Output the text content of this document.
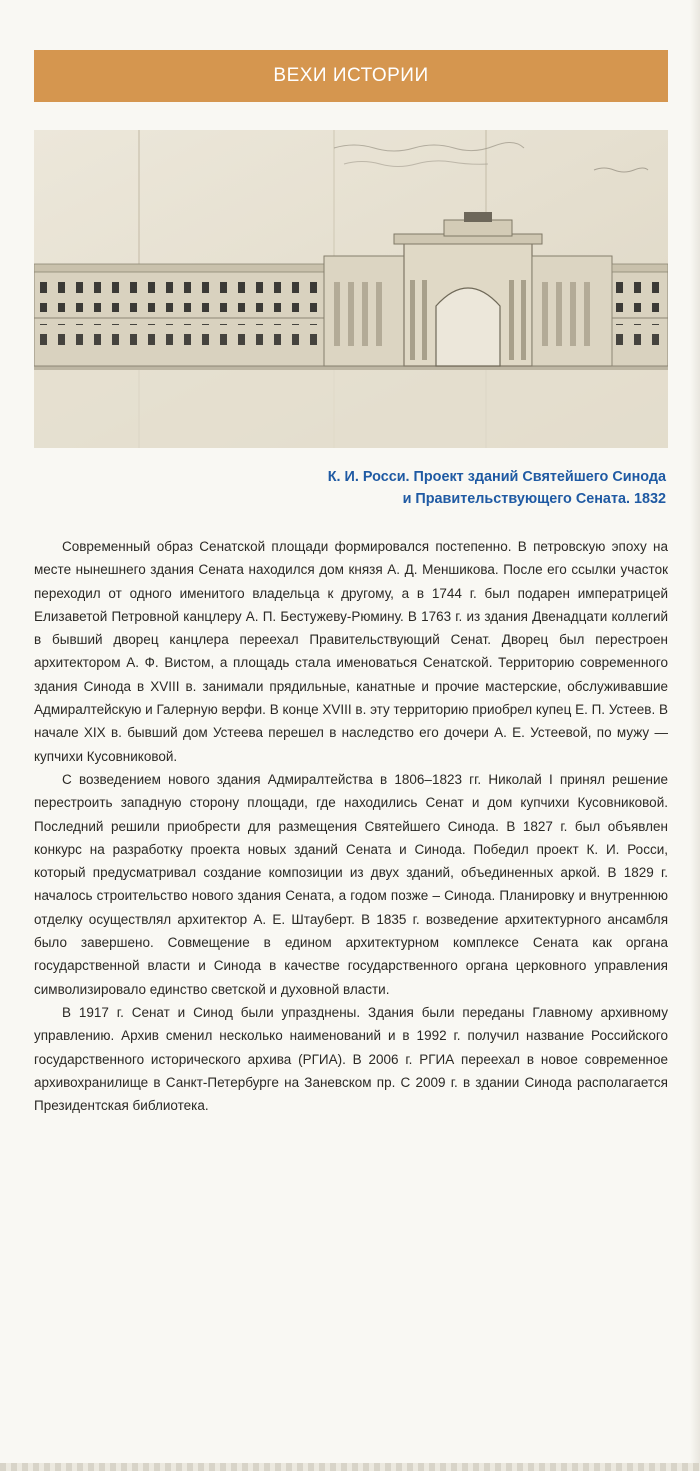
ВЕХИ ИСТОРИИ
К. И. Росси. Проект зданий Святейшего Синода
и Правительствующего Сената. 1832

Современный образ Сенатской площади формировался постепенно. В петровскую эпоху на месте нынешнего здания Сената находился дом князя А. Д. Меншикова. После его ссылки участок переходил от одного именитого владельца к другому, а в 1744 г. был подарен императрицей Елизаветой Петровной канцлеру А. П. Бестужеву-Рюмину. В 1763 г. из здания Двенадцати коллегий в бывший дворец канцлера переехал Правительствующий Сенат. Дворец был перестроен архитектором А. Ф. Вистом, а площадь стала именоваться Сенатской. Территорию современного здания Синода в XVIII в. занимали прядильные, канатные и прочие мастерские, обслуживавшие Адмиралтейскую и Галерную верфи. В конце XVIII в. эту территорию приобрел купец Е. П. Устеев. В начале XIX в. бывший дом Устеева перешел в наследство его дочери А. Е. Устеевой, по мужу — купчихи Кусовниковой.

С возведением нового здания Адмиралтейства в 1806–1823 гг. Николай I принял решение перестроить западную сторону площади, где находились Сенат и дом купчихи Кусовниковой. Последний решили приобрести для размещения Святейшего Синода. В 1827 г. был объявлен конкурс на разработку проекта новых зданий Сената и Синода. Победил проект К. И. Росси, который предусматривал создание композиции из двух зданий, объединенных аркой. В 1829 г. началось строительство нового здания Сената, а годом позже – Синода. Планировку и внутреннюю отделку осуществлял архитектор А. Е. Штауберт. В 1835 г. возведение архитектурного ансамбля было завершено. Совмещение в едином архитектурном комплексе Сената как органа государственной власти и Синода в качестве государственного органа церковного управления символизировало единство светской и духовной власти.

В 1917 г. Сенат и Синод были упразднены. Здания были переданы Главному архивному управлению. Архив сменил несколько наименований и в 1992 г. получил название Российского государственного исторического архива (РГИА). В 2006 г. РГИА переехал в новое современное архивохранилище в Санкт-Петербурге на Заневском пр. С 2009 г. в здании Синода располагается Президентская библиотека.
